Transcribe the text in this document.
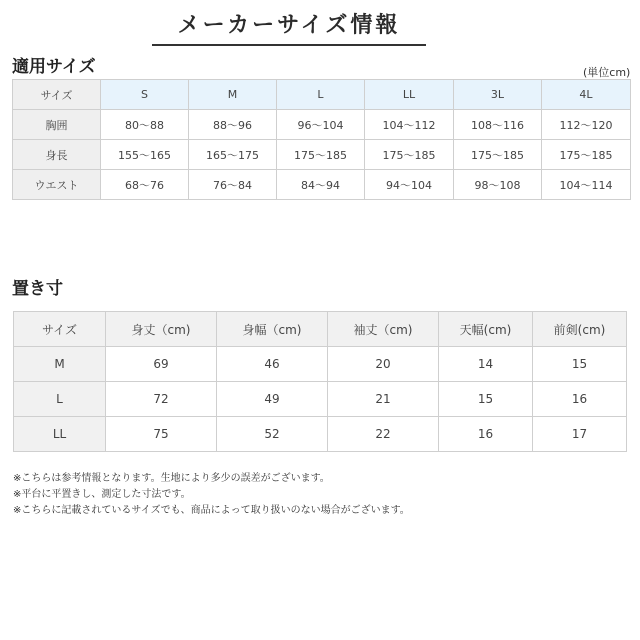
メーカーサイズ情報
適用サイズ	(単位cm)
サイズ	S	M	L	LL	3L	4L
胸囲	80〜88	88〜96	96〜104	104〜112	108〜116	112〜120
身長	155〜165	165〜175	175〜185	175〜185	175〜185	175〜185
ウエスト	68〜76	76〜84	84〜94	94〜104	98〜108	104〜114
置き寸
サイズ	身丈（cm)	身幅（cm)	袖丈（cm)	天幅(cm)	前剣(cm)
M	69	46	20	14	15
L	72	49	21	15	16
LL	75	52	22	16	17
※こちらは参考情報となります。生地により多少の誤差がございます。
※平台に平置きし、測定した寸法です。
※こちらに記載されているサイズでも、商品によって取り扱いのない場合がございます。
